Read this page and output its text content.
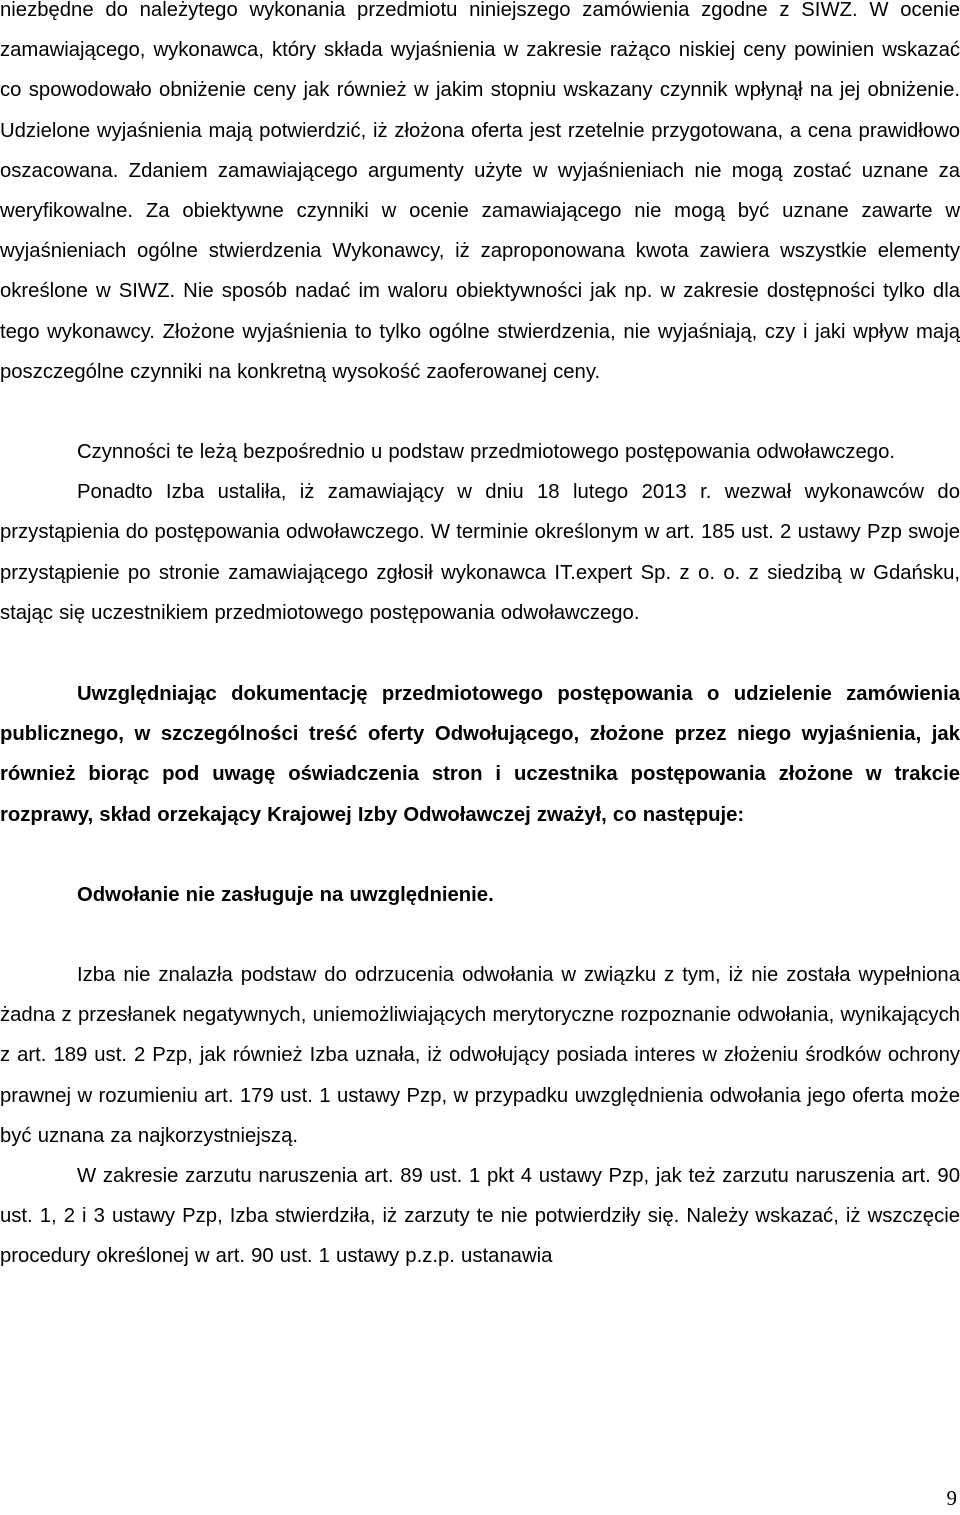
niezbędne do należytego wykonania przedmiotu niniejszego zamówienia zgodne z SIWZ. W ocenie zamawiającego, wykonawca, który składa wyjaśnienia w zakresie rażąco niskiej ceny powinien wskazać co spowodowało obniżenie ceny jak również w jakim stopniu wskazany czynnik wpłynął na jej obniżenie. Udzielone wyjaśnienia mają potwierdzić, iż złożona oferta jest rzetelnie przygotowana, a cena prawidłowo oszacowana. Zdaniem zamawiającego argumenty użyte w wyjaśnieniach nie mogą zostać uznane za weryfikowalne. Za obiektywne czynniki w ocenie zamawiającego nie mogą być uznane zawarte w wyjaśnieniach ogólne stwierdzenia Wykonawcy, iż zaproponowana kwota zawiera wszystkie elementy określone w SIWZ. Nie sposób nadać im waloru obiektywności jak np. w zakresie dostępności tylko dla tego wykonawcy. Złożone wyjaśnienia to tylko ogólne stwierdzenia, nie wyjaśniają, czy i jaki wpływ mają poszczególne czynniki na konkretną wysokość zaoferowanej ceny.

Czynności te leżą bezpośrednio u podstaw przedmiotowego postępowania odwoławczego.

Ponadto Izba ustaliła, iż zamawiający w dniu 18 lutego 2013 r. wezwał wykonawców do przystąpienia do postępowania odwoławczego. W terminie określonym w art. 185 ust. 2 ustawy Pzp swoje przystąpienie po stronie zamawiającego zgłosił wykonawca IT.expert Sp. z o. o. z siedzibą w Gdańsku, stając się uczestnikiem przedmiotowego postępowania odwoławczego.

Uwzględniając dokumentację przedmiotowego postępowania o udzielenie zamówienia publicznego, w szczególności treść oferty Odwołującego, złożone przez niego wyjaśnienia, jak również biorąc pod uwagę oświadczenia stron i uczestnika postępowania złożone w trakcie rozprawy, skład orzekający Krajowej Izby Odwoławczej zważył, co następuje:

Odwołanie nie zasługuje na uwzględnienie.

Izba nie znalazła podstaw do odrzucenia odwołania w związku z tym, iż nie została wypełniona żadna z przesłanek negatywnych, uniemożliwiających merytoryczne rozpoznanie odwołania, wynikających z art. 189 ust. 2 Pzp, jak również Izba uznała, iż odwołujący posiada interes w złożeniu środków ochrony prawnej w rozumieniu art. 179 ust. 1 ustawy Pzp, w przypadku uwzględnienia odwołania jego oferta może być uznana za najkorzystniejszą.

W zakresie zarzutu naruszenia art. 89 ust. 1 pkt 4 ustawy Pzp, jak też zarzutu naruszenia art. 90 ust. 1, 2 i 3 ustawy Pzp, Izba stwierdziła, iż zarzuty te nie potwierdziły się. Należy wskazać, iż wszczęcie procedury określonej w art. 90 ust. 1 ustawy p.z.p. ustanawia

9
